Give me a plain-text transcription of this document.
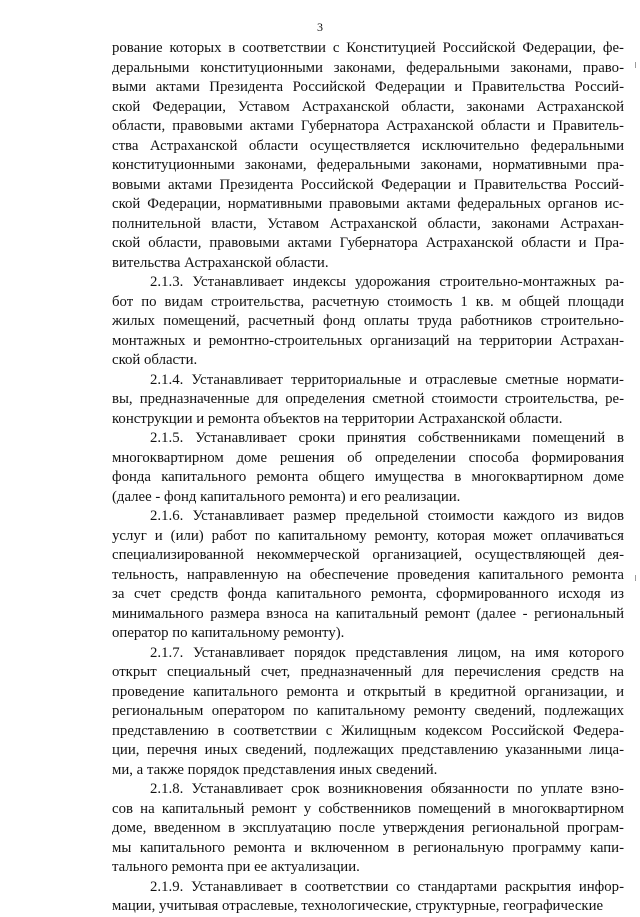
3
рование которых в соответствии с Конституцией Российской Федерации, фе-
деральными конституционными законами, федеральными законами, право-
выми актами Президента Российской Федерации и Правительства Россий-
ской Федерации, Уставом Астраханской области, законами Астраханской
области, правовыми актами Губернатора Астраханской области и Правитель-
ства Астраханской области осуществляется исключительно федеральными
конституционными законами, федеральными законами, нормативными пра-
вовыми актами Президента Российской Федерации и Правительства Россий-
ской Федерации, нормативными правовыми актами федеральных органов ис-
полнительной власти, Уставом Астраханской области, законами Астрахан-
ской области, правовыми актами Губернатора Астраханской области и Пра-
вительства Астраханской области.
2.1.3. Устанавливает индексы удорожания строительно-монтажных ра-
бот по видам строительства, расчетную стоимость 1 кв. м общей площади
жилых помещений, расчетный фонд оплаты труда работников строительно-
монтажных и ремонтно-строительных организаций на территории Астрахан-
ской области.
2.1.4. Устанавливает территориальные и отраслевые сметные нормати-
вы, предназначенные для определения сметной стоимости строительства, ре-
конструкции и ремонта объектов на территории Астраханской области.
2.1.5. Устанавливает сроки принятия собственниками помещений в
многоквартирном доме решения об определении способа формирования
фонда капитального ремонта общего имущества в многоквартирном доме
(далее - фонд капитального ремонта) и его реализации.
2.1.6. Устанавливает размер предельной стоимости каждого из видов
услуг и (или) работ по капитальному ремонту, которая может оплачиваться
специализированной некоммерческой организацией, осуществляющей дея-
тельность, направленную на обеспечение проведения капитального ремонта
за счет средств фонда капитального ремонта, сформированного исходя из
минимального размера взноса на капитальный ремонт (далее - региональный
оператор по капитальному ремонту).
2.1.7. Устанавливает порядок представления лицом, на имя которого
открыт специальный счет, предназначенный для перечисления средств на
проведение капитального ремонта и открытый в кредитной организации, и
региональным оператором по капитальному ремонту сведений, подлежащих
представлению в соответствии с Жилищным кодексом Российской Федера-
ции, перечня иных сведений, подлежащих представлению указанными лица-
ми, а также порядок представления иных сведений.
2.1.8. Устанавливает срок возникновения обязанности по уплате взно-
сов на капитальный ремонт у собственников помещений в многоквартирном
доме, введенном в эксплуатацию после утверждения региональной програм-
мы капитального ремонта и включенном в региональную программу капи-
тального ремонта при ее актуализации.
2.1.9. Устанавливает в соответствии со стандартами раскрытия инфор-
мации, учитывая отраслевые, технологические, структурные, географические
